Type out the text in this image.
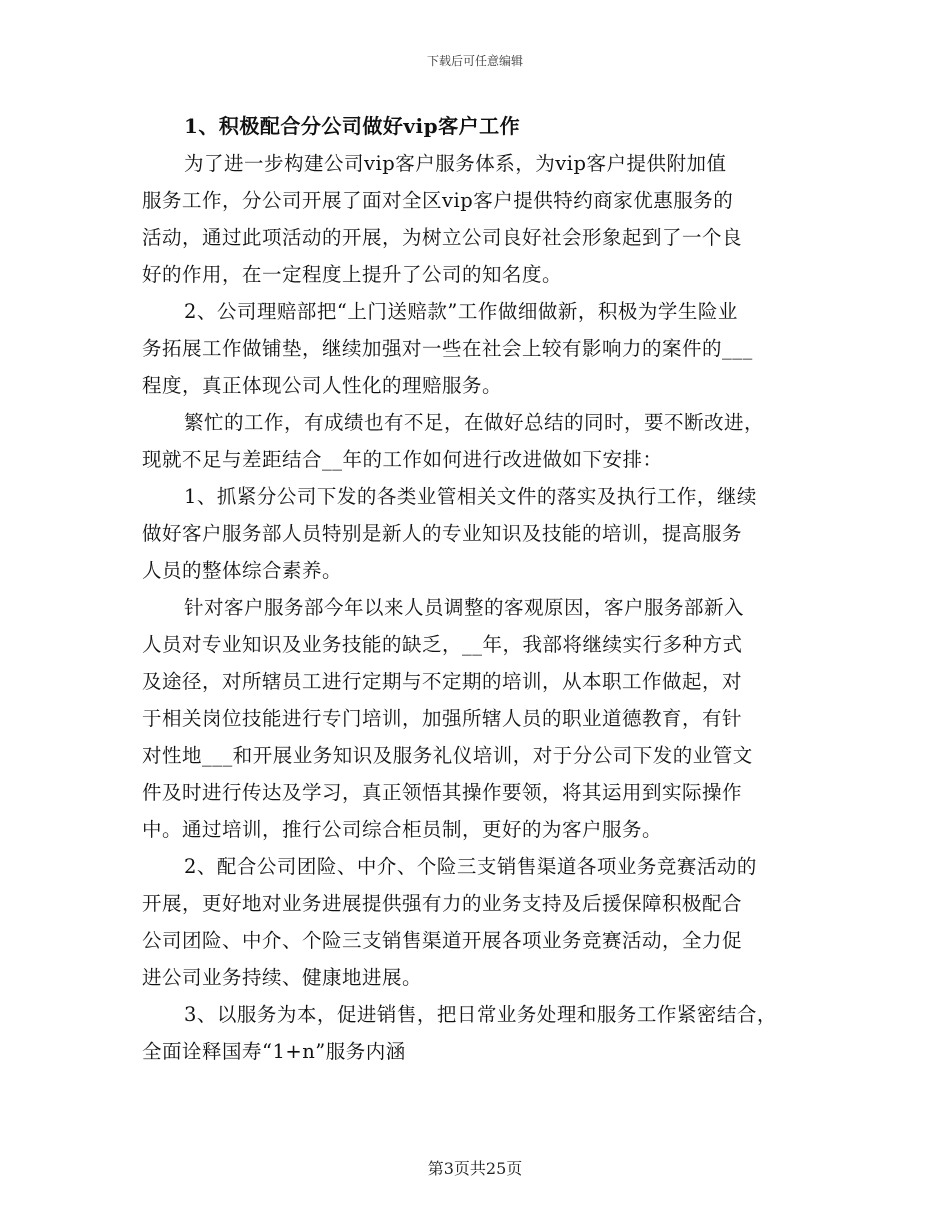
下载后可任意编辑
1、积极配合分公司做好vip客户工作
为了进一步构建公司vip客户服务体系，为vip客户提供附加值
服务工作，分公司开展了面对全区vip客户提供特约商家优惠服务的
活动，通过此项活动的开展，为树立公司良好社会形象起到了一个良
好的作用，在一定程度上提升了公司的知名度。
2、公司理赔部把“上门送赔款”工作做细做新，积极为学生险业
务拓展工作做铺垫，继续加强对一些在社会上较有影响力的案件的___
程度，真正体现公司人性化的理赔服务。
繁忙的工作，有成绩也有不足，在做好总结的同时，要不断改进，
现就不足与差距结合__年的工作如何进行改进做如下安排：
1、抓紧分公司下发的各类业管相关文件的落实及执行工作，继续
做好客户服务部人员特别是新人的专业知识及技能的培训，提高服务
人员的整体综合素养。
针对客户服务部今年以来人员调整的客观原因，客户服务部新入
人员对专业知识及业务技能的缺乏，__年，我部将继续实行多种方式
及途径，对所辖员工进行定期与不定期的培训，从本职工作做起，对
于相关岗位技能进行专门培训，加强所辖人员的职业道德教育，有针
对性地___和开展业务知识及服务礼仪培训，对于分公司下发的业管文
件及时进行传达及学习，真正领悟其操作要领，将其运用到实际操作
中。通过培训，推行公司综合柜员制，更好的为客户服务。
2、配合公司团险、中介、个险三支销售渠道各项业务竞赛活动的
开展，更好地对业务进展提供强有力的业务支持及后援保障积极配合
公司团险、中介、个险三支销售渠道开展各项业务竞赛活动，全力促
进公司业务持续、健康地进展。
3、以服务为本，促进销售，把日常业务处理和服务工作紧密结合，
全面诠释国寿“1+n”服务内涵
第3页共25页
